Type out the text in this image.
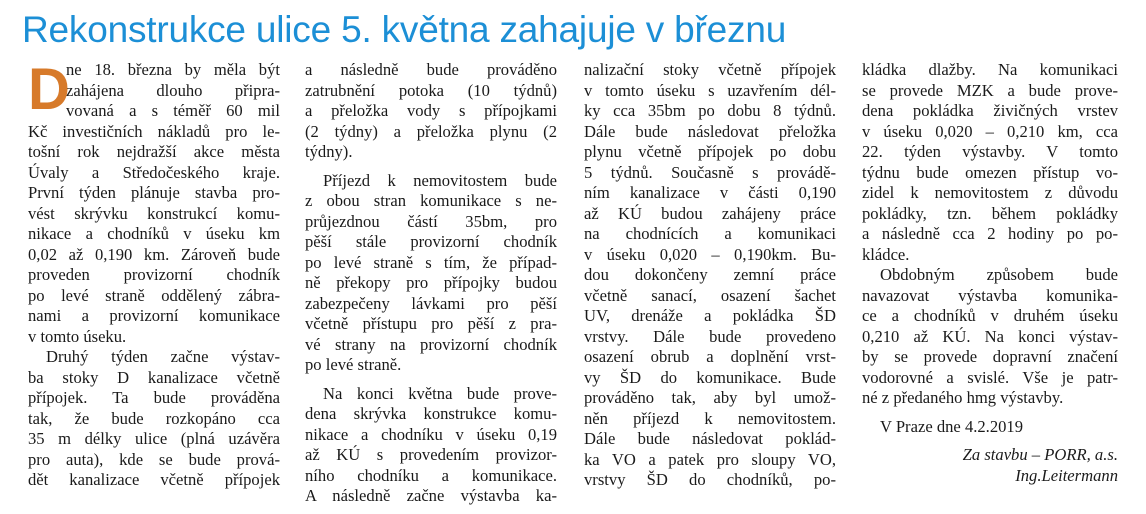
Rekonstrukce ulice 5. května zahajuje v březnu
D
ne 18. března by měla být
zahájena dlouho připra-
vovaná a s téměř 60 mil
Kč investičních nákladů pro le-
tošní rok nejdražší akce města
Úvaly a Středočeského kraje.
První týden plánuje stavba pro-
vést skrývku konstrukcí komu-
nikace a chodníků v úseku km
0,02 až 0,190 km. Zároveň bude
proveden provizorní chodník
po levé straně oddělený zábra-
nami a provizorní komunikace
v tomto úseku.
Druhý týden začne výstav-
ba stoky D kanalizace včetně
přípojek. Ta bude prováděna
tak, že bude rozkopáno cca
35 m délky ulice (plná uzávěra
pro auta), kde se bude prová-
dět kanalizace včetně přípojek
a následně bude prováděno
zatrubnění potoka (10 týdnů)
a přeložka vody s přípojkami
(2 týdny) a přeložka plynu (2
týdny).
Příjezd k nemovitostem bude
z obou stran komunikace s ne-
průjezdnou částí 35bm, pro
pěší stále provizorní chodník
po levé straně s tím, že případ-
ně překopy pro přípojky budou
zabezpečeny lávkami pro pěší
včetně přístupu pro pěší z pra-
vé strany na provizorní chodník
po levé straně.
Na konci května bude prove-
dena skrývka konstrukce komu-
nikace a chodníku v úseku 0,19
až KÚ s provedením provizor-
ního chodníku a komunikace.
A následně začne výstavba ka-
nalizační stoky včetně přípojek
v tomto úseku s uzavřením dél-
ky cca 35bm po dobu 8 týdnů.
Dále bude následovat přeložka
plynu včetně přípojek po dobu
5 týdnů. Současně s provádě-
ním kanalizace v části 0,190
až KÚ budou zahájeny práce
na chodnících a komunikaci
v úseku 0,020 – 0,190km. Bu-
dou dokončeny zemní práce
včetně sanací, osazení šachet
UV, drenáže a pokládka ŠD
vrstvy. Dále bude provedeno
osazení obrub a doplnění vrst-
vy ŠD do komunikace. Bude
prováděno tak, aby byl umož-
něn příjezd k nemovitostem.
Dále bude následovat poklád-
ka VO a patek pro sloupy VO,
vrstvy ŠD do chodníků, po-
kládka dlažby. Na komunikaci
se provede MZK a bude prove-
dena pokládka živičných vrstev
v úseku 0,020 – 0,210 km, cca
22. týden výstavby. V tomto
týdnu bude omezen přístup vo-
zidel k nemovitostem z důvodu
pokládky, tzn. během pokládky
a následně cca 2 hodiny po po-
kládce.
Obdobným způsobem bude
navazovat výstavba komunika-
ce a chodníků v druhém úseku
0,210 až KÚ. Na konci výstav-
by se provede dopravní značení
vodorovné a svislé. Vše je patr-
né z předaného hmg výstavby.
V Praze dne 4.2.2019
Za stavbu – PORR, a.s.
Ing.Leitermann
